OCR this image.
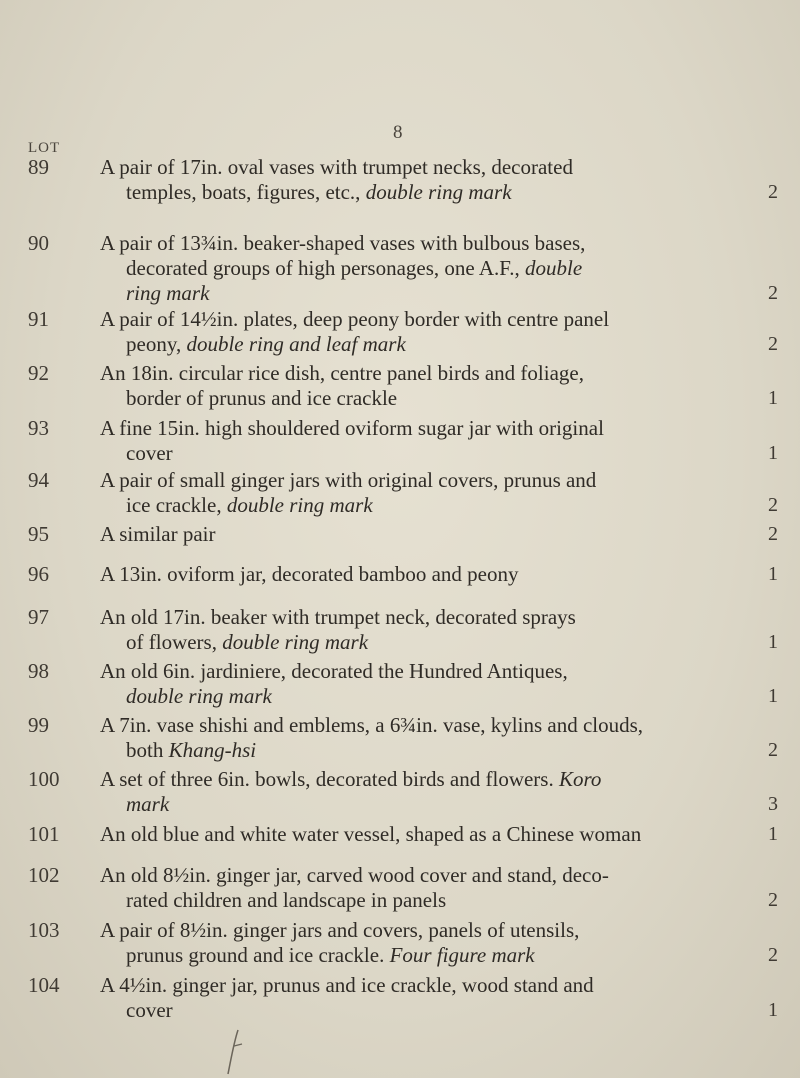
8
LOT
89	A pair of 17in. oval vases with trumpet necks, decorated
temples, boats, figures, etc., double ring mark	2
90	A pair of 13¾in. beaker-shaped vases with bulbous bases,
decorated groups of high personages, one A.F., double
ring mark	2
91	A pair of 14½in. plates, deep peony border with centre panel
peony, double ring and leaf mark	2
92	An 18in. circular rice dish, centre panel birds and foliage,
border of prunus and ice crackle	1
93	A fine 15in. high shouldered oviform sugar jar with original
cover	1
94	A pair of small ginger jars with original covers, prunus and
ice crackle, double ring mark	2
95	A similar pair	2
96	A 13in. oviform jar, decorated bamboo and peony	1
97	An old 17in. beaker with trumpet neck, decorated sprays
of flowers, double ring mark	1
98	An old 6in. jardiniere, decorated the Hundred Antiques,
double ring mark	1
99	A 7in. vase shishi and emblems, a 6¾in. vase, kylins and clouds,
both Khang-hsi	2
100	A set of three 6in. bowls, decorated birds and flowers. Koro
mark	3
101	An old blue and white water vessel, shaped as a Chinese woman	1
102	An old 8½in. ginger jar, carved wood cover and stand, deco-
rated children and landscape in panels	2
103	A pair of 8½in. ginger jars and covers, panels of utensils,
prunus ground and ice crackle. Four figure mark	2
104	A 4½in. ginger jar, prunus and ice crackle, wood stand and
cover	1
